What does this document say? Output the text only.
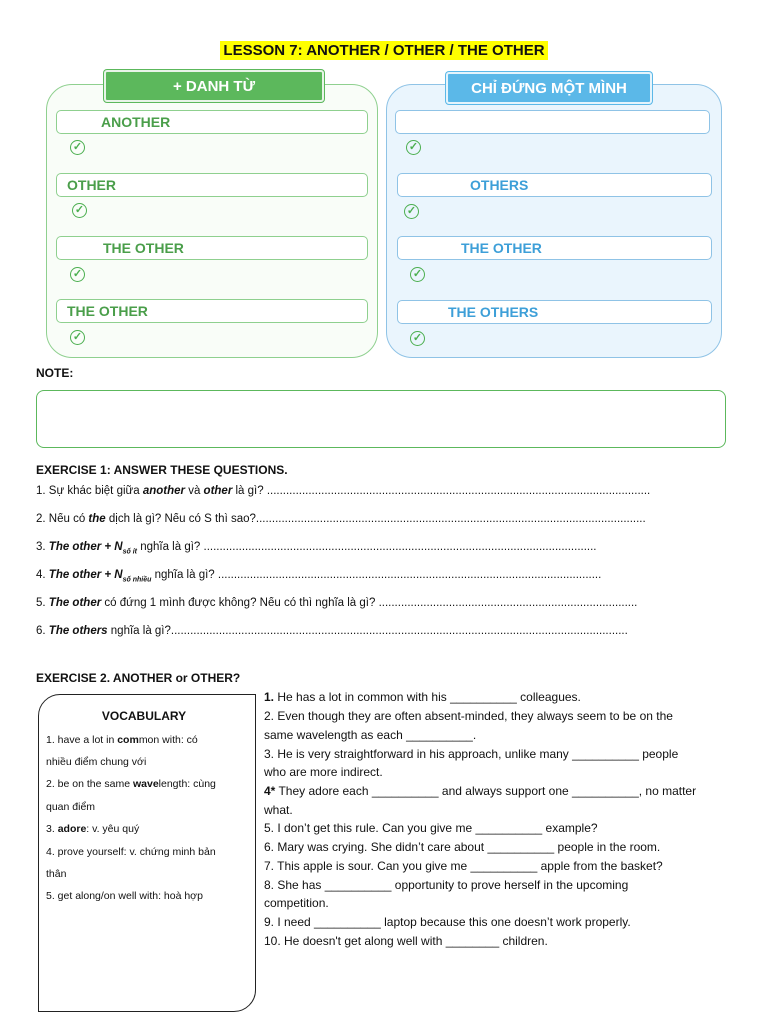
LESSON 7: ANOTHER / OTHER / THE OTHER
+ DANH TỪ	CHỈ ĐỨNG MỘT MÌNH
ANOTHER
✓
OTHER
✓
THE OTHER
✓
THE OTHER
✓
✓
OTHERS
✓
THE OTHER
✓
THE OTHERS
✓
NOTE:
EXERCISE 1: ANSWER THESE QUESTIONS.
1. Sự khác biệt giữa another và other là gì? ........................................................................................................................
2. Nếu có the dịch là gì? Nếu có S thì sao?..........................................................................................................................
3. The other + $N_{số ít}$ nghĩa là gì? ...........................................................................................................................
4. The other + $N_{số nhiều}$ nghĩa là gì? ........................................................................................................................
5. The other có đứng 1 mình được không? Nếu có thì nghĩa là gì? .................................................................................
6. The others nghĩa là gì?...............................................................................................................................................
EXERCISE 2. ANOTHER or OTHER?
VOCABULARY
1. have a lot in common with: có
nhiều điểm chung với
2. be on the same wavelength: cùng
quan điểm
3. adore: v. yêu quý
4. prove yourself: v. chứng minh bản
thân
5. get along/on well with: hoà hợp
1. He has a lot in common with his __________ colleagues.
2. Even though they are often absent-minded, they always seem to be on the
same wavelength as each __________.
3. He is very straightforward in his approach, unlike many __________ people
who are more indirect.
4* They adore each __________ and always support one __________, no matter
what.
5. I don’t get this rule. Can you give me __________ example?
6. Mary was crying. She didn’t care about __________ people in the room.
7. This apple is sour. Can you give me __________ apple from the basket?
8. She has __________ opportunity to prove herself in the upcoming
competition.
9. I need __________ laptop because this one doesn’t work properly.
10. He doesn't get along well with ________ children.
